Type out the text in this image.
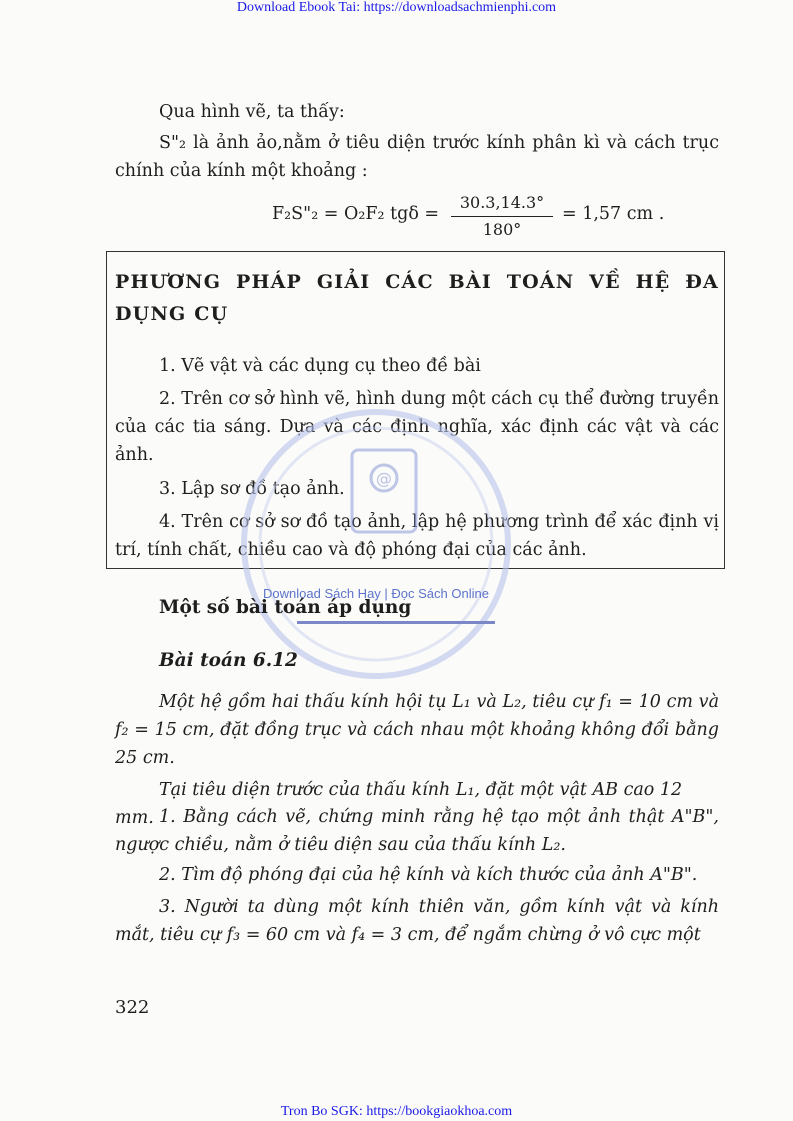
Download Ebook Tai: https://downloadsachmienphi.com
Qua hình vẽ, ta thấy:
S"₂ là ảnh ảo,nằm ở tiêu diện trước kính phân kì và cách trục chính của kính một khoảng :
F₂S"₂ = O₂F₂ tgδ =
30.3,14.3°
180°
= 1,57 cm .
PHƯƠNG PHÁP GIẢI CÁC BÀI TOÁN VỀ HỆ ĐA DỤNG CỤ
1. Vẽ vật và các dụng cụ theo đề bài
2. Trên cơ sở hình vẽ, hình dung một cách cụ thể đường truyền của các tia sáng. Dựa và các định nghĩa, xác định các vật và các ảnh.
3. Lập sơ đồ tạo ảnh.
4. Trên cơ sở sơ đồ tạo ảnh, lập hệ phương trình để xác định vị trí, tính chất, chiều cao và độ phóng đại của các ảnh.
@
Download Sách Hay | Đọc Sách Online
Một số bài toán áp dụng
Bài toán 6.12
Một hệ gồm hai thấu kính hội tụ L₁ và L₂, tiêu cự f₁ = 10 cm và f₂ = 15 cm, đặt đồng trục và cách nhau một khoảng không đổi bằng 25 cm.
Tại tiêu diện trước của thấu kính L₁, đặt một vật AB cao 12 mm. 1. Bằng cách vẽ, chứng minh rằng hệ tạo một ảnh thật A"B", ngược chiều, nằm ở tiêu diện sau của thấu kính L₂.
2. Tìm độ phóng đại của hệ kính và kích thước của ảnh A"B".
3. Người ta dùng một kính thiên văn, gồm kính vật và kính mắt, tiêu cự f₃ = 60 cm và f₄ = 3 cm, để ngắm chừng ở vô cực một
322
Tron Bo SGK: https://bookgiaokhoa.com
